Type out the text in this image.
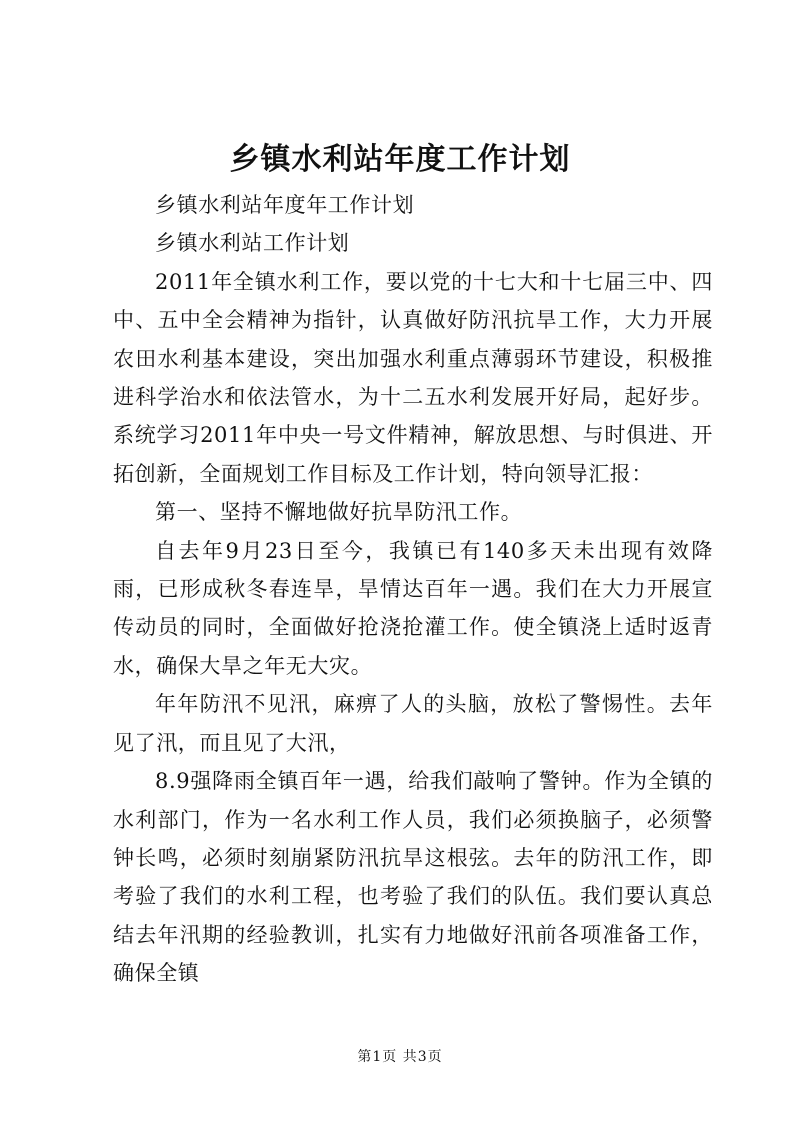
乡镇水利站年度工作计划

乡镇水利站年度年工作计划

乡镇水利站工作计划

2011年全镇水利工作，要以党的十七大和十七届三中、四中、五中全会精神为指针，认真做好防汛抗旱工作，大力开展农田水利基本建设，突出加强水利重点薄弱环节建设，积极推进科学治水和依法管水，为十二五水利发展开好局，起好步。系统学习2011年中央一号文件精神，解放思想、与时俱进、开拓创新，全面规划工作目标及工作计划，特向领导汇报：

第一、坚持不懈地做好抗旱防汛工作。

自去年9月23日至今，我镇已有140多天未出现有效降雨，已形成秋冬春连旱，旱情达百年一遇。我们在大力开展宣传动员的同时，全面做好抢浇抢灌工作。使全镇浇上适时返青水，确保大旱之年无大灾。

年年防汛不见汛，麻痹了人的头脑，放松了警惕性。去年见了汛，而且见了大汛，

8.9强降雨全镇百年一遇，给我们敲响了警钟。作为全镇的水利部门，作为一名水利工作人员，我们必须换脑子，必须警钟长鸣，必须时刻崩紧防汛抗旱这根弦。去年的防汛工作，即考验了我们的水利工程，也考验了我们的队伍。我们要认真总结去年汛期的经验教训，扎实有力地做好汛前各项准备工作，确保全镇

第1页 共3页
